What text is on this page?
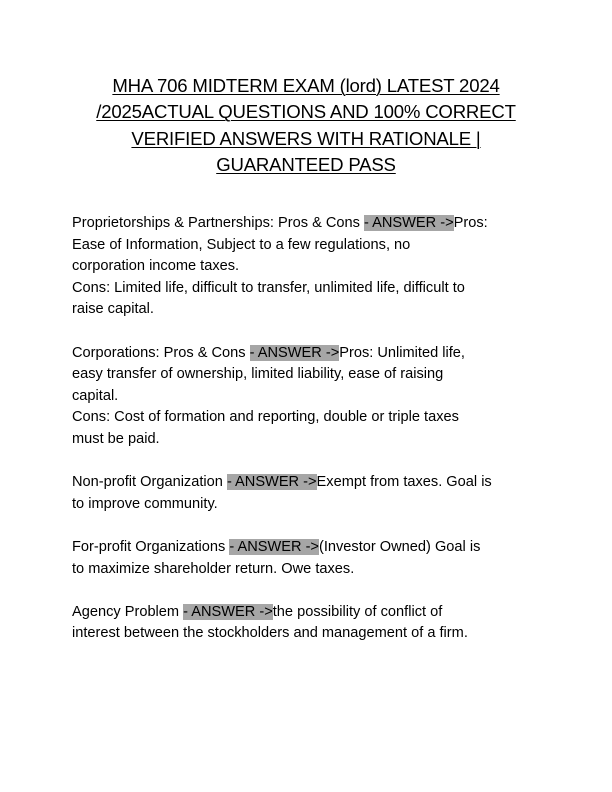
MHA 706 MIDTERM EXAM (lord) LATEST 2024
/2025ACTUAL QUESTIONS AND 100% CORRECT
VERIFIED ANSWERS WITH RATIONALE |
GUARANTEED PASS
Proprietorships & Partnerships: Pros & Cons - ANSWER ->Pros:
Ease of Information, Subject to a few regulations, no
corporation income taxes.
Cons: Limited life, difficult to transfer, unlimited life, difficult to
raise capital.
Corporations: Pros & Cons - ANSWER ->Pros: Unlimited life,
easy transfer of ownership, limited liability, ease of raising
capital.
Cons: Cost of formation and reporting, double or triple taxes
must be paid.
Non-profit Organization - ANSWER ->Exempt from taxes. Goal is
to improve community.
For-profit Organizations - ANSWER ->(Investor Owned) Goal is
to maximize shareholder return. Owe taxes.
Agency Problem - ANSWER ->the possibility of conflict of
interest between the stockholders and management of a firm.
